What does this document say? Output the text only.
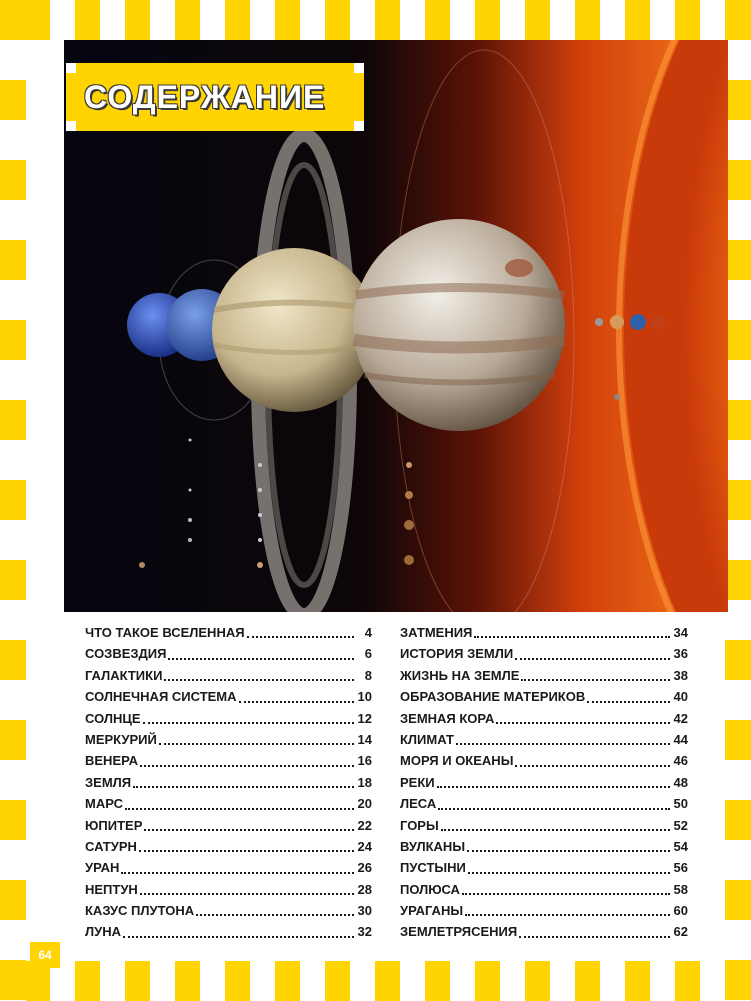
СОДЕРЖАНИЕ
ЧТО ТАКОЕ ВСЕЛЕННАЯ	4
СОЗВЕЗДИЯ	6
ГАЛАКТИКИ	8
СОЛНЕЧНАЯ СИСТЕМА	10
СОЛНЦЕ	12
МЕРКУРИЙ	14
ВЕНЕРА	16
ЗЕМЛЯ	18
МАРС	20
ЮПИТЕР	22
САТУРН	24
УРАН	26
НЕПТУН	28
КАЗУС ПЛУТОНА	30
ЛУНА	32
ЗАТМЕНИЯ	34
ИСТОРИЯ ЗЕМЛИ	36
ЖИЗНЬ НА ЗЕМЛЕ	38
ОБРАЗОВАНИЕ МАТЕРИКОВ	40
ЗЕМНАЯ КОРА	42
КЛИМАТ	44
МОРЯ И ОКЕАНЫ	46
РЕКИ	48
ЛЕСА	50
ГОРЫ	52
ВУЛКАНЫ	54
ПУСТЫНИ	56
ПОЛЮСА	58
УРАГАНЫ	60
ЗЕМЛЕТРЯСЕНИЯ	62
64
